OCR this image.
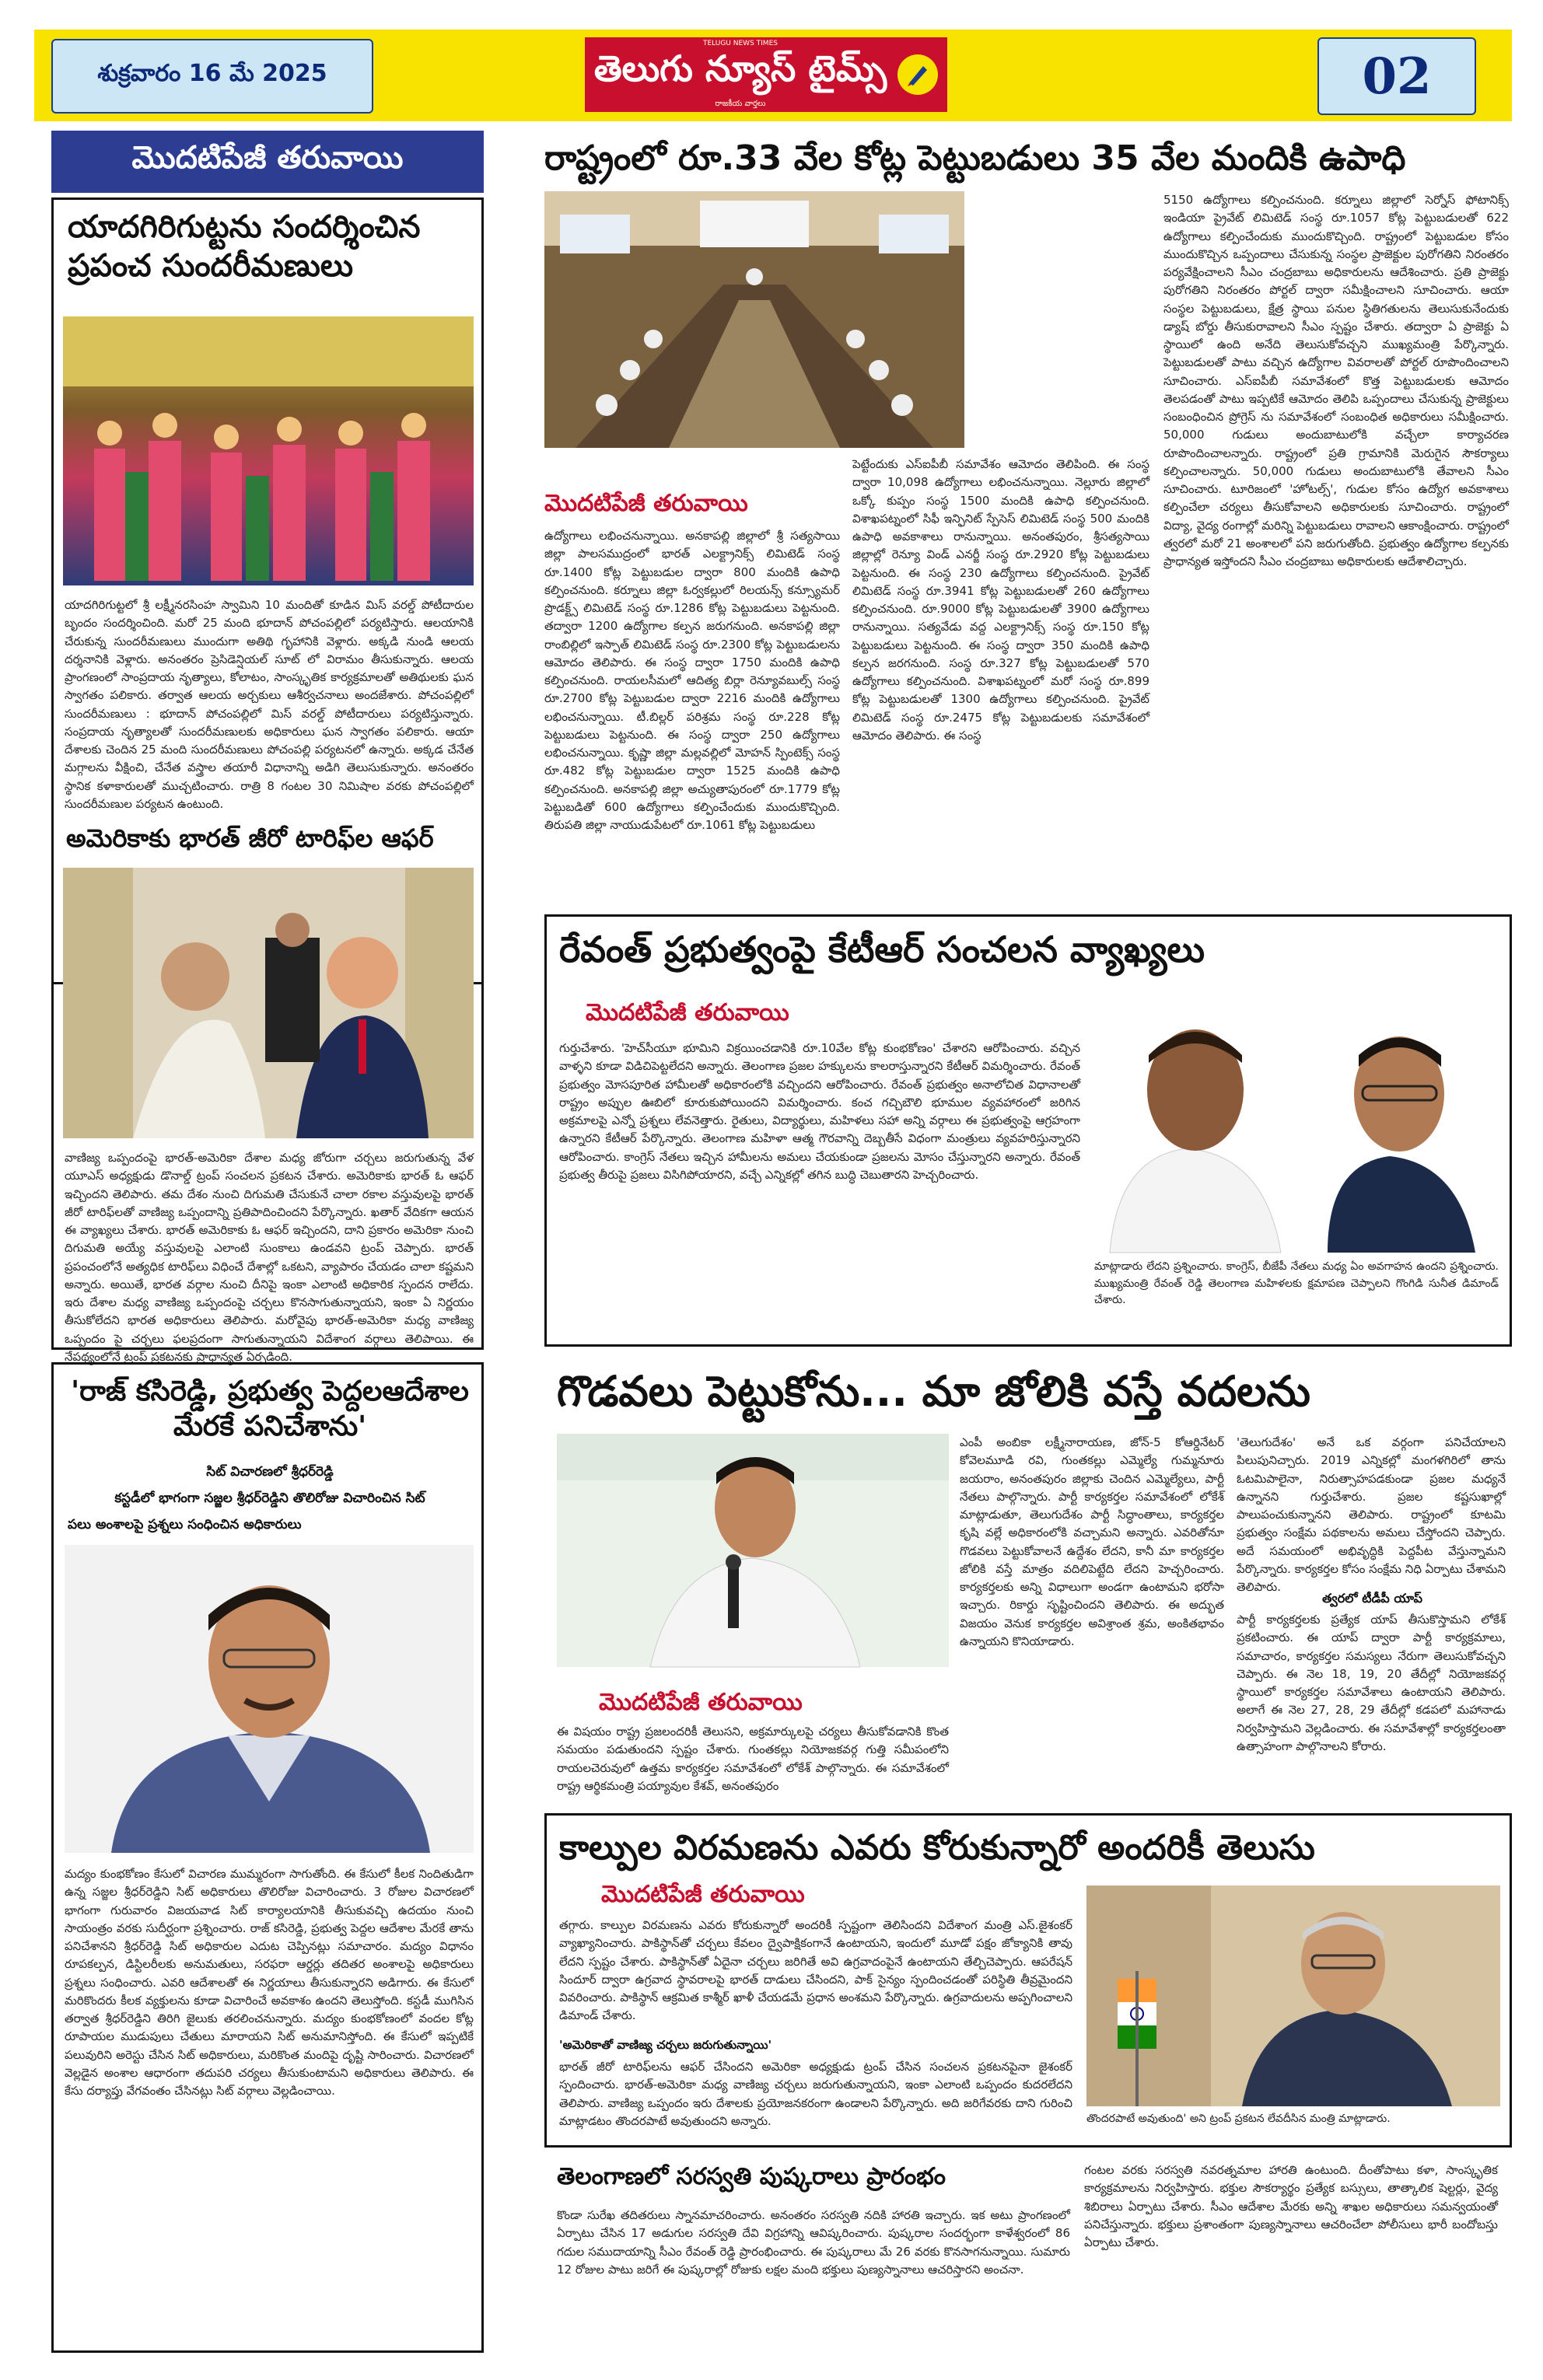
శుక్రవారం 16 మే 2025
TELUGU NEWS TIMES
తెలుగు న్యూస్ టైమ్స్
రాజకీయ వార్తలు	02
మొదటిపేజీ తరువాయి
యాదగిరిగుట్టను సందర్శించిన ప్రపంచ సుందరీమణులు
యాదగిరిగుట్టలో శ్రీ లక్ష్మీనరసింహ స్వామిని 10 మందితో కూడిన మిస్ వరల్డ్ పోటీదారుల బృందం సందర్శించింది. మరో 25 మంది భూదాన్ పోచంపల్లిలో పర్యటిస్తారు. ఆలయానికి చేరుకున్న సుందరీమణులు ముందుగా అతిథి గృహానికి వెళ్లారు. అక్కడి నుండి ఆలయ దర్శనానికి వెళ్లారు. అనంతరం ప్రెసిడెన్షియల్ సూట్ లో విరామం తీసుకున్నారు. ఆలయ ప్రాంగణంలో సాంప్రదాయ నృత్యాలు, కోలాటం, సాంస్కృతిక కార్యక్రమాలతో అతిథులకు ఘన స్వాగతం పలికారు. తర్వాత ఆలయ అర్చకులు ఆశీర్వచనాలు అందజేశారు. పోచంపల్లిలో సుందరీమణులు : భూదాన్ పోచంపల్లిలో మిస్ వరల్డ్ పోటీదారులు పర్యటిస్తున్నారు. సంప్రదాయ నృత్యాలతో సుందరీమణులకు అధికారులు ఘన స్వాగతం పలికారు. ఆయా దేశాలకు చెందిన 25 మంది సుందరీమణులు పోచంపల్లి పర్యటనలో ఉన్నారు. అక్కడ చేనేత మగ్గాలను వీక్షించి, చేనేత వస్త్రాల తయారీ విధానాన్ని అడిగి తెలుసుకున్నారు. అనంతరం స్థానిక కళాకారులతో ముచ్చటించారు. రాత్రి 8 గంటల 30 నిమిషాల వరకు పోచంపల్లిలో సుందరీమణుల పర్యటన ఉంటుంది.
అమెరికాకు భారత్ జీరో టారిఫ్‌ల ఆఫర్
వాణిజ్య ఒప్పందంపై భారత్-అమెరికా దేశాల మధ్య జోరుగా చర్చలు జరుగుతున్న వేళ యూఎస్ అధ్యక్షుడు డొనాల్డ్ ట్రంప్ సంచలన ప్రకటన చేశారు. అమెరికాకు భారత్ ఓ ఆఫర్ ఇచ్చిందని తెలిపారు. తమ దేశం నుంచి దిగుమతి చేసుకునే చాలా రకాల వస్తువులపై భారత్ జీరో టారిఫ్‌లతో వాణిజ్య ఒప్పందాన్ని ప్రతిపాదించిందని పేర్కొన్నారు. ఖతార్ వేదికగా ఆయన ఈ వ్యాఖ్యలు చేశారు. భారత్ అమెరికాకు ఓ ఆఫర్ ఇచ్చిందని, దాని ప్రకారం అమెరికా నుంచి దిగుమతి అయ్యే వస్తువులపై ఎలాంటి సుంకాలు ఉండవని ట్రంప్ చెప్పారు. భారత్ ప్రపంచంలోనే అత్యధిక టారిఫ్‌లు విధించే దేశాల్లో ఒకటని, వ్యాపారం చేయడం చాలా కష్టమని అన్నారు. అయితే, భారత వర్గాల నుంచి దీనిపై ఇంకా ఎలాంటి అధికారిక స్పందన రాలేదు. ఇరు దేశాల మధ్య వాణిజ్య ఒప్పందంపై చర్చలు కొనసాగుతున్నాయని, ఇంకా ఏ నిర్ణయం తీసుకోలేదని భారత అధికారులు తెలిపారు. మరోవైపు భారత్-అమెరికా మధ్య వాణిజ్య ఒప్పందం పై చర్చలు ఫలప్రదంగా సాగుతున్నాయని విదేశాంగ వర్గాలు తెలిపాయి. ఈ నేపథ్యంలోనే ట్రంప్ ప్రకటనకు ప్రాధాన్యత ఏర్పడింది.
రాష్ట్రంలో రూ.33 వేల కోట్ల పెట్టుబడులు 35 వేల మందికి ఉపాధి
మొదటిపేజీ తరువాయి
ఉద్యోగాలు లభించనున్నాయి. అనకాపల్లి జిల్లాలో శ్రీ సత్యసాయి జిల్లా పాలసముద్రంలో భారత్ ఎలక్ట్రానిక్స్ లిమిటెడ్ సంస్థ రూ.1400 కోట్ల పెట్టుబడుల ద్వారా 800 మందికి ఉపాధి కల్పించనుంది. కర్నూలు జిల్లా ఓర్వకల్లులో రిలయన్స్ కన్స్యూమర్ ప్రొడక్ట్స్ లిమిటెడ్ సంస్థ రూ.1286 కోట్ల పెట్టుబడులు పెట్టనుంది. తద్వారా 1200 ఉద్యోగాల కల్పన జరుగనుంది. అనకాపల్లి జిల్లా రాంబిల్లిలో ఇస్పాత్ లిమిటెడ్ సంస్థ రూ.2300 కోట్ల పెట్టుబడులను ఆమోదం తెలిపారు. ఈ సంస్థ ద్వారా 1750 మందికి ఉపాధి కల్పించనుంది. రాయలసీమలో ఆదిత్య బిర్లా రెన్యూవబుల్స్ సంస్థ రూ.2700 కోట్ల పెట్టుబడుల ద్వారా 2216 మందికి ఉద్యోగాలు లభించనున్నాయి. టీ.బిల్లర్ పరిశ్రమ సంస్థ రూ.228 కోట్ల పెట్టుబడులు పెట్టనుంది. ఈ సంస్థ ద్వారా 250 ఉద్యోగాలు లభించనున్నాయి. కృష్ణా జిల్లా మల్లవల్లిలో మోహన్ స్పింటెక్స్ సంస్థ రూ.482 కోట్ల పెట్టుబడుల ద్వారా 1525 మందికి ఉపాధి కల్పించనుంది. అనకాపల్లి జిల్లా అచ్యుతాపురంలో రూ.1779 కోట్ల పెట్టుబడితో 600 ఉద్యోగాలు కల్పించేందుకు ముందుకొచ్చింది. తిరుపతి జిల్లా నాయుడుపేటలో రూ.1061 కోట్ల పెట్టుబడులు
పెట్టేందుకు ఎస్ఐపీబీ సమావేశం ఆమోదం తెలిపింది. ఈ సంస్థ ద్వారా 10,098 ఉద్యోగాలు లభించనున్నాయి. నెల్లూరు జిల్లాలో ఒక్కో కుప్పం సంస్థ 1500 మందికి ఉపాధి కల్పించనుంది. విశాఖపట్నంలో సిఫీ ఇన్ఫినిట్ స్పేసెస్ లిమిటెడ్ సంస్థ 500 మందికి ఉపాధి అవకాశాలు రానున్నాయి. అనంతపురం, శ్రీసత్యసాయి జిల్లాల్లో రెన్యూ విండ్ ఎనర్జీ సంస్థ రూ.2920 కోట్ల పెట్టుబడులు పెట్టనుంది. ఈ సంస్థ 230 ఉద్యోగాలు కల్పించనుంది. ప్రైవేట్ లిమిటెడ్ సంస్థ రూ.3941 కోట్ల పెట్టుబడులతో 260 ఉద్యోగాలు కల్పించనుంది. రూ.9000 కోట్ల పెట్టుబడులతో 3900 ఉద్యోగాలు రానున్నాయి. సత్యవేడు వద్ద ఎలక్ట్రానిక్స్ సంస్థ రూ.150 కోట్ల పెట్టుబడులు పెట్టనుంది. ఈ సంస్థ ద్వారా 350 మందికి ఉపాధి కల్పన జరగనుంది. సంస్థ రూ.327 కోట్ల పెట్టుబడులతో 570 ఉద్యోగాలు కల్పించనుంది. విశాఖపట్నంలో మరో సంస్థ రూ.899 కోట్ల పెట్టుబడులతో 1300 ఉద్యోగాలు కల్పించనుంది. ప్రైవేట్ లిమిటెడ్ సంస్థ రూ.2475 కోట్ల పెట్టుబడులకు సమావేశంలో ఆమోదం తెలిపారు. ఈ సంస్థ
5150 ఉద్యోగాలు కల్పించనుంది. కర్నూలు జిల్లాలో సెర్నోస్ ఫోటానిక్స్ ఇండియా ప్రైవేట్ లిమిటెడ్ సంస్థ రూ.1057 కోట్ల పెట్టుబడులతో 622 ఉద్యోగాలు కల్పించేందుకు ముందుకొచ్చింది. రాష్ట్రంలో పెట్టుబడుల కోసం ముందుకొచ్చిన ఒప్పందాలు చేసుకున్న సంస్థల ప్రాజెక్టుల పురోగతిని నిరంతరం పర్యవేక్షించాలని సీఎం చంద్రబాబు అధికారులను ఆదేశించారు. ప్రతి ప్రాజెక్టు పురోగతిని నిరంతరం పోర్టల్ ద్వారా సమీక్షించాలని సూచించారు. ఆయా సంస్థల పెట్టుబడులు, క్షేత్ర స్థాయి పనుల స్థితిగతులను తెలుసుకునేందుకు డ్యాష్ బోర్డు తీసుకురావాలని సీఎం స్పష్టం చేశారు. తద్వారా ఏ ప్రాజెక్టు ఏ స్థాయిలో ఉంది అనేది తెలుసుకోవచ్చని ముఖ్యమంత్రి పేర్కొన్నారు. పెట్టుబడులతో పాటు వచ్చిన ఉద్యోగాల వివరాలతో పోర్టల్ రూపొందించాలని సూచించారు. ఎస్ఐపీబీ సమావేశంలో కొత్త పెట్టుబడులకు ఆమోదం తెలపడంతో పాటు ఇప్పటికే ఆమోదం తెలిపి ఒప్పందాలు చేసుకున్న ప్రాజెక్టులు సంబంధించిన ప్రోగ్రెస్ ను సమావేశంలో సంబంధిత అధికారులు సమీక్షించారు. 50,000 గుడులు అందుబాటులోకి వచ్చేలా కార్యాచరణ రూపొందించాలన్నారు. రాష్ట్రంలో ప్రతి గ్రామానికి మెరుగైన సౌకర్యాలు కల్పించాలన్నారు. 50,000 గుడులు అందుబాటులోకి తేవాలని సీఎం సూచించారు. టూరిజంలో 'హోటల్స్', గుడుల కోసం ఉద్యోగ అవకాశాలు కల్పించేలా చర్యలు తీసుకోవాలని అధికారులకు సూచించారు. రాష్ట్రంలో విద్యా, వైద్య రంగాల్లో మరిన్ని పెట్టుబడులు రావాలని ఆకాంక్షించారు. రాష్ట్రంలో త్వరలో మరో 21 అంశాలలో పని జరుగుతోంది. ప్రభుత్వం ఉద్యోగాల కల్పనకు ప్రాధాన్యత ఇస్తోందని సీఎం చంద్రబాబు అధికారులకు ఆదేశాలిచ్చారు.
రేవంత్ ప్రభుత్వంపై కేటీఆర్ సంచలన వ్యాఖ్యలు
మొదటిపేజీ తరువాయి
గుర్తుచేశారు. 'హెచ్‌సీయూ భూమిని విక్రయించడానికి రూ.10వేల కోట్ల కుంభకోణం' చేశారని ఆరోపించారు. వచ్చిన వాళ్ళని కూడా విడిచిపెట్టలేదని అన్నారు. తెలంగాణ ప్రజల హక్కులను కాలరాస్తున్నారని కేటీఆర్ విమర్శించారు. రేవంత్ ప్రభుత్వం మోసపూరిత హామీలతో అధికారంలోకి వచ్చిందని ఆరోపించారు. రేవంత్ ప్రభుత్వం అనాలోచిత విధానాలతో రాష్ట్రం అప్పుల ఊబిలో కూరుకుపోయిందని విమర్శించారు. కంచ గచ్చిబౌలి భూముల వ్యవహారంలో జరిగిన అక్రమాలపై ఎన్నో ప్రశ్నలు లేవనెత్తారు. రైతులు, విద్యార్థులు, మహిళలు సహా అన్ని వర్గాలు ఈ ప్రభుత్వంపై ఆగ్రహంగా ఉన్నారని కేటీఆర్ పేర్కొన్నారు. తెలంగాణ మహిళా ఆత్మ గౌరవాన్ని దెబ్బతీసే విధంగా మంత్రులు వ్యవహరిస్తున్నారని ఆరోపించారు. కాంగ్రెస్ నేతలు ఇచ్చిన హామీలను అమలు చేయకుండా ప్రజలను మోసం చేస్తున్నారని అన్నారు. రేవంత్ ప్రభుత్వ తీరుపై ప్రజలు విసిగిపోయారని, వచ్చే ఎన్నికల్లో తగిన బుద్ధి చెబుతారని హెచ్చరించారు.
మాట్లాడారు లేదని ప్రశ్నించారు. కాంగ్రెస్, బీజేపీ నేతలు మధ్య ఏం అవగాహన ఉందని ప్రశ్నించారు. ముఖ్యమంత్రి రేవంత్ రెడ్డి తెలంగాణ మహిళలకు క్షమాపణ చెప్పాలని గొంగిడి సునీత డిమాండ్ చేశారు.
'రాజ్ కసిరెడ్డి, ప్రభుత్వ పెద్దలఆదేశాల మేరకే పనిచేశాను'
సిట్ విచారణలో శ్రీధర్‌రెడ్డి
కస్టడీలో భాగంగా సజ్జల శ్రీధర్‌రెడ్డిని తొలిరోజు విచారించిన సిట్
పలు అంశాలపై ప్రశ్నలు సంధించిన అధికారులు
మద్యం కుంభకోణం కేసులో విచారణ ముమ్మరంగా సాగుతోంది. ఈ కేసులో కీలక నిందితుడిగా ఉన్న సజ్జల శ్రీధర్‌రెడ్డిని సిట్ అధికారులు తొలిరోజు విచారించారు. 3 రోజుల విచారణలో భాగంగా గురువారం విజయవాడ సిట్ కార్యాలయానికి తీసుకువచ్చి ఉదయం నుంచి సాయంత్రం వరకు సుదీర్ఘంగా ప్రశ్నించారు. రాజ్ కసిరెడ్డి, ప్రభుత్వ పెద్దల ఆదేశాల మేరకే తాను పనిచేశానని శ్రీధర్‌రెడ్డి సిట్ అధికారుల ఎదుట చెప్పినట్లు సమాచారం. మద్యం విధానం రూపకల్పన, డిస్టిలరీలకు అనుమతులు, సరఫరా ఆర్డర్లు తదితర అంశాలపై అధికారులు ప్రశ్నలు సంధించారు. ఎవరి ఆదేశాలతో ఈ నిర్ణయాలు తీసుకున్నారని అడిగారు. ఈ కేసులో మరికొందరు కీలక వ్యక్తులను కూడా విచారించే అవకాశం ఉందని తెలుస్తోంది. కస్టడీ ముగిసిన తర్వాత శ్రీధర్‌రెడ్డిని తిరిగి జైలుకు తరలించనున్నారు. మద్యం కుంభకోణంలో వందల కోట్ల రూపాయల ముడుపులు చేతులు మారాయని సిట్ అనుమానిస్తోంది. ఈ కేసులో ఇప్పటికే పలువురిని అరెస్టు చేసిన సిట్ అధికారులు, మరికొంత మందిపై దృష్టి సారించారు. విచారణలో వెల్లడైన అంశాల ఆధారంగా తదుపరి చర్యలు తీసుకుంటామని అధికారులు తెలిపారు. ఈ కేసు దర్యాప్తు వేగవంతం చేసినట్లు సిట్ వర్గాలు వెల్లడించాయి.
గొడవలు పెట్టుకోను... మా జోలికి వస్తే వదలను
మొదటిపేజీ తరువాయి
ఈ విషయం రాష్ట్ర ప్రజలందరికీ తెలుసని, అక్రమార్కులపై చర్యలు తీసుకోవడానికి కొంత సమయం పడుతుందని స్పష్టం చేశారు. గుంతకల్లు నియోజకవర్గ గుత్తి సమీపంలోని రాయలచెరువులో ఉత్తమ కార్యకర్తల సమావేశంలో లోకేశ్ పాల్గొన్నారు. ఈ సమావేశంలో రాష్ట్ర ఆర్థికమంత్రి పయ్యావుల కేశవ్, అనంతపురం
ఎంపీ అంబికా లక్ష్మీనారాయణ, జోన్-5 కోఆర్డినేటర్ కోవెలమూడి రవి, గుంతకల్లు ఎమ్మెల్యే గుమ్మనూరు జయరాం, అనంతపురం జిల్లాకు చెందిన ఎమ్మెల్యేలు, పార్టీ నేతలు పాల్గొన్నారు. పార్టీ కార్యకర్తల సమావేశంలో లోకేశ్ మాట్లాడుతూ, తెలుగుదేశం పార్టీ సిద్ధాంతాలు, కార్యకర్తల కృషి వల్లే అధికారంలోకి వచ్చామని అన్నారు. ఎవరితోనూ గొడవలు పెట్టుకోవాలనే ఉద్దేశం లేదని, కానీ మా కార్యకర్తల జోలికి వస్తే మాత్రం వదిలిపెట్టేది లేదని హెచ్చరించారు. కార్యకర్తలకు అన్ని విధాలుగా అండగా ఉంటామని భరోసా ఇచ్చారు. రికార్డు సృష్టించిందని తెలిపారు. ఈ అద్భుత విజయం వెనుక కార్యకర్తల అవిశ్రాంత శ్రమ, అంకితభావం ఉన్నాయని కొనియాడారు.
'తెలుగుదేశం' అనే ఒక వర్గంగా పనిచేయాలని పిలుపునిచ్చారు. 2019 ఎన్నికల్లో మంగళగిరిలో తాను ఓటమిపాలైనా, నిరుత్సాహపడకుండా ప్రజల మధ్యనే ఉన్నానని గుర్తుచేశారు. ప్రజల కష్టసుఖాల్లో పాలుపంచుకున్నానని తెలిపారు. రాష్ట్రంలో కూటమి ప్రభుత్వం సంక్షేమ పథకాలను అమలు చేస్తోందని చెప్పారు. అదే సమయంలో అభివృద్ధికి పెద్దపీట వేస్తున్నామని పేర్కొన్నారు. కార్యకర్తల కోసం సంక్షేమ నిధి ఏర్పాటు చేశామని తెలిపారు.
త్వరలో టీడీపీ యాప్
పార్టీ కార్యకర్తలకు ప్రత్యేక యాప్ తీసుకొస్తామని లోకేశ్ ప్రకటించారు. ఈ యాప్ ద్వారా పార్టీ కార్యక్రమాలు, సమాచారం, కార్యకర్తల సమస్యలు నేరుగా తెలుసుకోవచ్చని చెప్పారు. ఈ నెల 18, 19, 20 తేదీల్లో నియోజకవర్గ స్థాయిలో కార్యకర్తల సమావేశాలు ఉంటాయని తెలిపారు. అలాగే ఈ నెల 27, 28, 29 తేదీల్లో కడపలో మహానాడు నిర్వహిస్తామని వెల్లడించారు. ఈ సమావేశాల్లో కార్యకర్తలంతా ఉత్సాహంగా పాల్గొనాలని కోరారు.
కాల్పుల విరమణను ఎవరు కోరుకున్నారో అందరికీ తెలుసు
మొదటిపేజీ తరువాయి
తగ్గారు. కాల్పుల విరమణను ఎవరు కోరుకున్నారో అందరికీ స్పష్టంగా తెలిసిందని విదేశాంగ మంత్రి ఎస్.జైశంకర్ వ్యాఖ్యానించారు. పాకిస్థాన్‌తో చర్చలు కేవలం ద్వైపాక్షికంగానే ఉంటాయని, ఇందులో మూడో పక్షం జోక్యానికి తావు లేదని స్పష్టం చేశారు. పాకిస్థాన్‌తో ఏదైనా చర్చలు జరిగితే అవి ఉగ్రవాదంపైనే ఉంటాయని తేల్చిచెప్పారు. ఆపరేషన్ సిందూర్ ద్వారా ఉగ్రవాద స్థావరాలపై భారత్ దాడులు చేసిందని, పాక్ సైన్యం స్పందించడంతో పరిస్థితి తీవ్రమైందని వివరించారు. పాకిస్థాన్ ఆక్రమిత కాశ్మీర్ ఖాళీ చేయడమే ప్రధాన అంశమని పేర్కొన్నారు. ఉగ్రవాదులను అప్పగించాలని డిమాండ్ చేశారు.
'అమెరికాతో వాణిజ్య చర్చలు జరుగుతున్నాయి'
భారత్ జీరో టారిఫ్‌లను ఆఫర్ చేసిందని అమెరికా అధ్యక్షుడు ట్రంప్ చేసిన సంచలన ప్రకటనపైనా జైశంకర్ స్పందించారు. భారత్-అమెరికా మధ్య వాణిజ్య చర్చలు జరుగుతున్నాయని, ఇంకా ఎలాంటి ఒప్పందం కుదరలేదని తెలిపారు. వాణిజ్య ఒప్పందం ఇరు దేశాలకు ప్రయోజనకరంగా ఉండాలని పేర్కొన్నారు. అది జరిగేవరకు దాని గురించి మాట్లాడటం తొందరపాటే అవుతుందని అన్నారు.	తొందరపాటే అవుతుంది' అని ట్రంప్ ప్రకటన లేవదీసిన మంత్రి మాట్లాడారు.
తెలంగాణలో సరస్వతి పుష్కరాలు ప్రారంభం
కొండా సురేఖ తదితరులు స్నానమాచరించారు. అనంతరం సరస్వతి నదికి హారతి ఇచ్చారు. ఇక అటు ప్రాంగణంలో ఏర్పాటు చేసిన 17 అడుగుల సరస్వతి దేవి విగ్రహాన్ని ఆవిష్కరించారు. పుష్కరాల సందర్భంగా కాళేశ్వరంలో 86 గదుల సముదాయాన్ని సీఎం రేవంత్ రెడ్డి ప్రారంభించారు. ఈ పుష్కరాలు మే 26 వరకు కొనసాగనున్నాయి. సుమారు 12 రోజుల పాటు జరిగే ఈ పుష్కరాల్లో రోజుకు లక్షల మంది భక్తులు పుణ్యస్నానాలు ఆచరిస్తారని అంచనా.
గంటల వరకు సరస్వతి నవరత్నమాల హారతి ఉంటుంది. దీంతోపాటు కళా, సాంస్కృతిక కార్యక్రమాలను నిర్వహిస్తారు. భక్తుల సౌకర్యార్థం ప్రత్యేక బస్సులు, తాత్కాలిక షెల్టర్లు, వైద్య శిబిరాలు ఏర్పాటు చేశారు. సీఎం ఆదేశాల మేరకు అన్ని శాఖల అధికారులు సమన్వయంతో పనిచేస్తున్నారు. భక్తులు ప్రశాంతంగా పుణ్యస్నానాలు ఆచరించేలా పోలీసులు భారీ బందోబస్తు ఏర్పాటు చేశారు.
